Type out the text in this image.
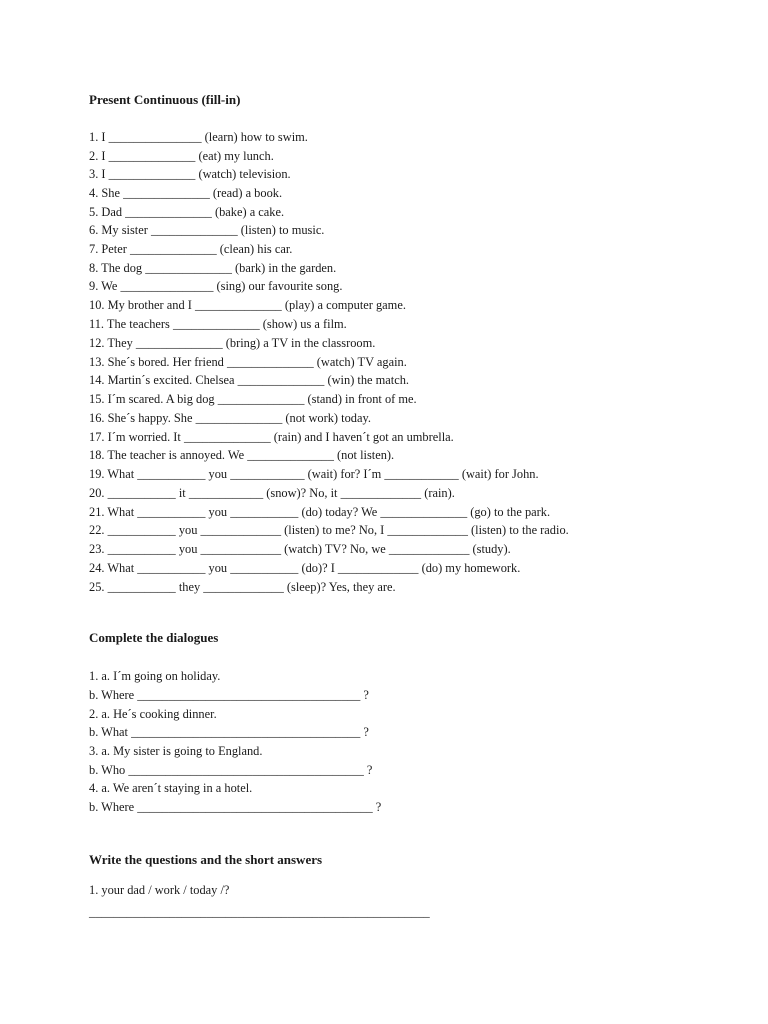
Present Continuous (fill-in)
1. I _______________ (learn) how to swim.
2. I ______________ (eat) my lunch.
3. I ______________ (watch) television.
4. She ______________ (read) a book.
5. Dad ______________ (bake) a cake.
6. My sister ______________ (listen) to music.
7. Peter ______________ (clean) his car.
8. The dog ______________ (bark) in the garden.
9. We _______________ (sing) our favourite song.
10. My brother and I ______________ (play) a computer game.
11. The teachers ______________ (show) us a film.
12. They ______________ (bring) a TV in the classroom.
13. She´s bored. Her friend ______________ (watch) TV again.
14. Martin´s excited. Chelsea ______________ (win) the match.
15. I´m scared. A big dog ______________ (stand) in front of me.
16. She´s happy. She ______________ (not work) today.
17. I´m worried. It ______________ (rain) and I haven´t got an umbrella.
18. The teacher is annoyed. We ______________ (not listen).
19. What ___________ you ____________ (wait) for? I´m ____________ (wait) for John.
20. ___________ it ____________ (snow)? No, it _____________ (rain).
21. What ___________ you ___________ (do) today? We ______________ (go) to the park.
22. ___________ you _____________ (listen) to me? No, I _____________ (listen) to the radio.
23. ___________ you _____________ (watch) TV? No, we _____________ (study).
24. What ___________ you ___________ (do)? I _____________ (do) my homework.
25. ___________ they _____________ (sleep)? Yes, they are.
Complete the dialogues
1. a. I´m going on holiday.
b. Where ____________________________________ ?
2. a. He´s cooking dinner.
b. What _____________________________________ ?
3. a. My sister is going to England.
b. Who ______________________________________ ?
4. a. We aren´t staying in a hotel.
b. Where ______________________________________ ?
Write the questions and the short answers
1. your dad / work / today /?
_______________________________________________________
